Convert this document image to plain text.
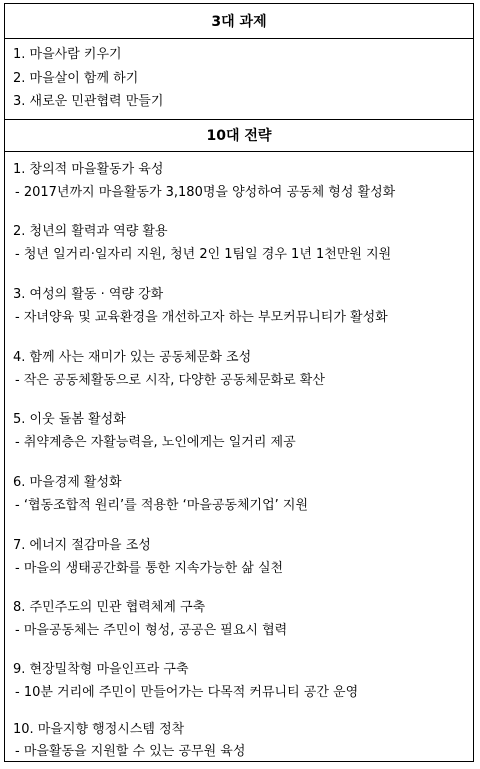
3대 과제
1. 마을사람 키우기
2. 마을살이 함께 하기
3. 새로운 민관협력 만들기
10대 전략
1. 창의적 마을활동가 육성
- 2017년까지 마을활동가 3,180명을 양성하여 공동체 형성 활성화
2. 청년의 활력과 역량 활용
- 청년 일거리·일자리 지원, 청년 2인 1팀일 경우 1년 1천만원 지원
3. 여성의 활동 · 역량 강화
- 자녀양육 및 교육환경을 개선하고자 하는 부모커뮤니티가 활성화
4. 함께 사는 재미가 있는 공동체문화 조성
- 작은 공동체활동으로 시작, 다양한 공동체문화로 확산
5. 이웃 돌봄 활성화
- 취약계층은 자활능력을, 노인에게는 일거리 제공
6. 마을경제 활성화
- ‘협동조합적 원리’를 적용한 ‘마을공동체기업’ 지원
7. 에너지 절감마을 조성
- 마을의 생태공간화를 통한 지속가능한 삶 실천
8. 주민주도의 민관 협력체계 구축
- 마을공동체는 주민이 형성, 공공은 필요시 협력
9. 현장밀착형 마을인프라 구축
- 10분 거리에 주민이 만들어가는 다목적 커뮤니티 공간 운영
10. 마을지향 행정시스템 정착
- 마을활동을 지원할 수 있는 공무원 육성
